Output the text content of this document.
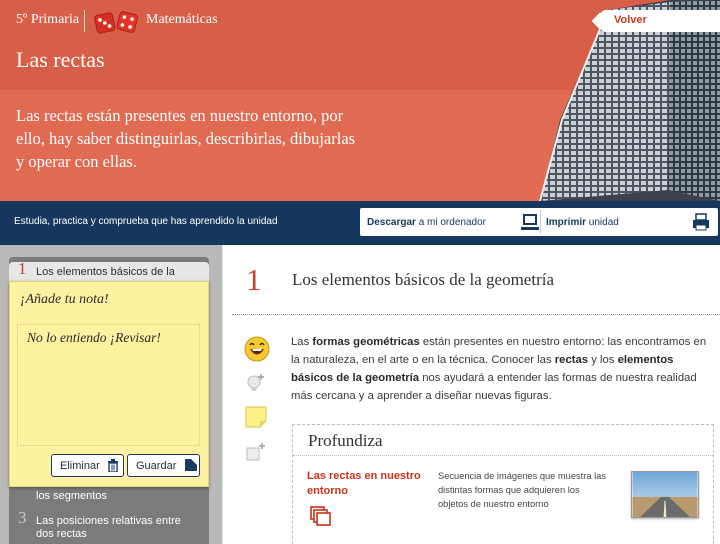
5º Primaria	Matemáticas	Volver
Las rectas

Las rectas están presentes en nuestro entorno, por ello, hay saber distinguirlas, describirlas, dibujarlas y operar con ellas.

Estudia, practica y comprueba que has aprendido la unidad	Descargar a mi ordenador	Imprimir unidad
1 Los elementos básicos de la
los segmentos
3 Las posiciones relativas entre dos rectas
¡Añade tu nota!
No lo entiendo ¡Revisar!
Eliminar	Guardar
1 Los elementos básicos de la geometría

Las formas geométricas están presentes en nuestro entorno: las encontramos en la naturaleza, en el arte o en la técnica. Conocer las rectas y los elementos básicos de la geometría nos ayudará a entender las formas de nuestra realidad más cercana y a aprender a diseñar nuevas figuras.

Profundiza
Las rectas en nuestro entorno
Secuencia de imágenes que muestra las distintas formas que adquieren los objetos de nuestro entorno
